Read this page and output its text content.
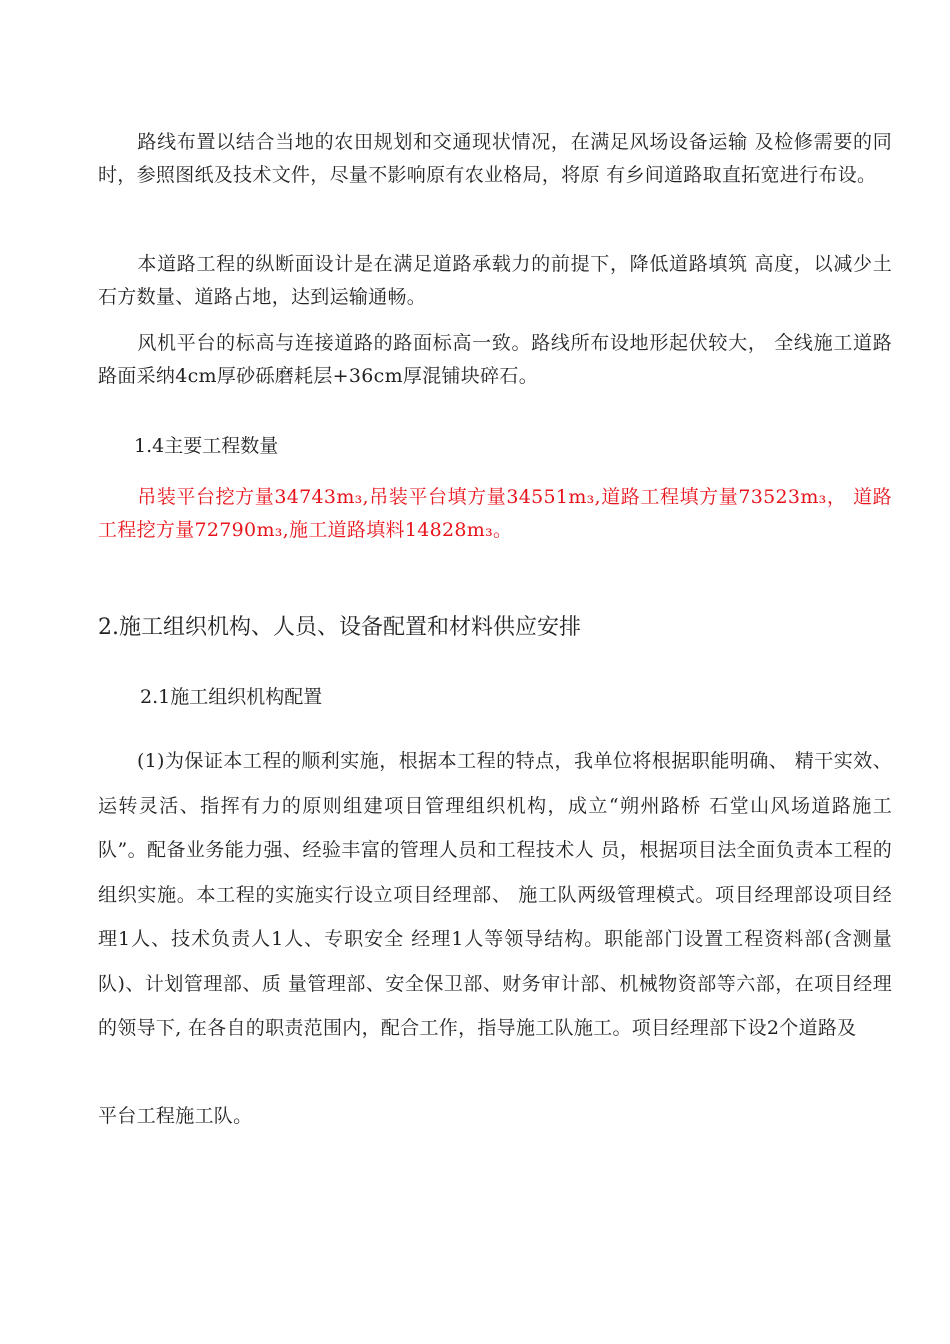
　　路线布置以结合当地的农田规划和交通现状情况，在满足风场设备运输 及检修需要的同时，参照图纸及技术文件，尽量不影响原有农业格局，将原 有乡间道路取直拓宽进行布设。

　　本道路工程的纵断面设计是在满足道路承载力的前提下，降低道路填筑 高度，以减少土石方数量、道路占地，达到运输通畅。

　　风机平台的标高与连接道路的路面标高一致。路线所布设地形起伏较大， 全线施工道路路面采纳4cm厚砂砾磨耗层+36cm厚混铺块碎石。

1.4主要工程数量

　　吊装平台挖方量34743m₃,吊装平台填方量34551m₃,道路工程填方量73523m₃， 道路工程挖方量72790m₃,施工道路填料14828m₃。

2.施工组织机构、人员、设备配置和材料供应安排

2.1施工组织机构配置

　　(1)为保证本工程的顺利实施，根据本工程的特点，我单位将根据职能明确、 精干实效、运转灵活、指挥有力的原则组建项目管理组织机构，成立“朔州路桥 石堂山风场道路施工队”。配备业务能力强、经验丰富的管理人员和工程技术人 员，根据项目法全面负责本工程的组织实施。本工程的实施实行设立项目经理部、 施工队两级管理模式。项目经理部设项目经理1人、技术负责人1人、专职安全 经理1人等领导结构。职能部门设置工程资料部(含测量队)、计划管理部、质 量管理部、安全保卫部、财务审计部、机械物资部等六部，在项目经理的领导下, 在各自的职责范围内，配合工作，指导施工队施工。项目经理部下设2个道路及

平台工程施工队。
